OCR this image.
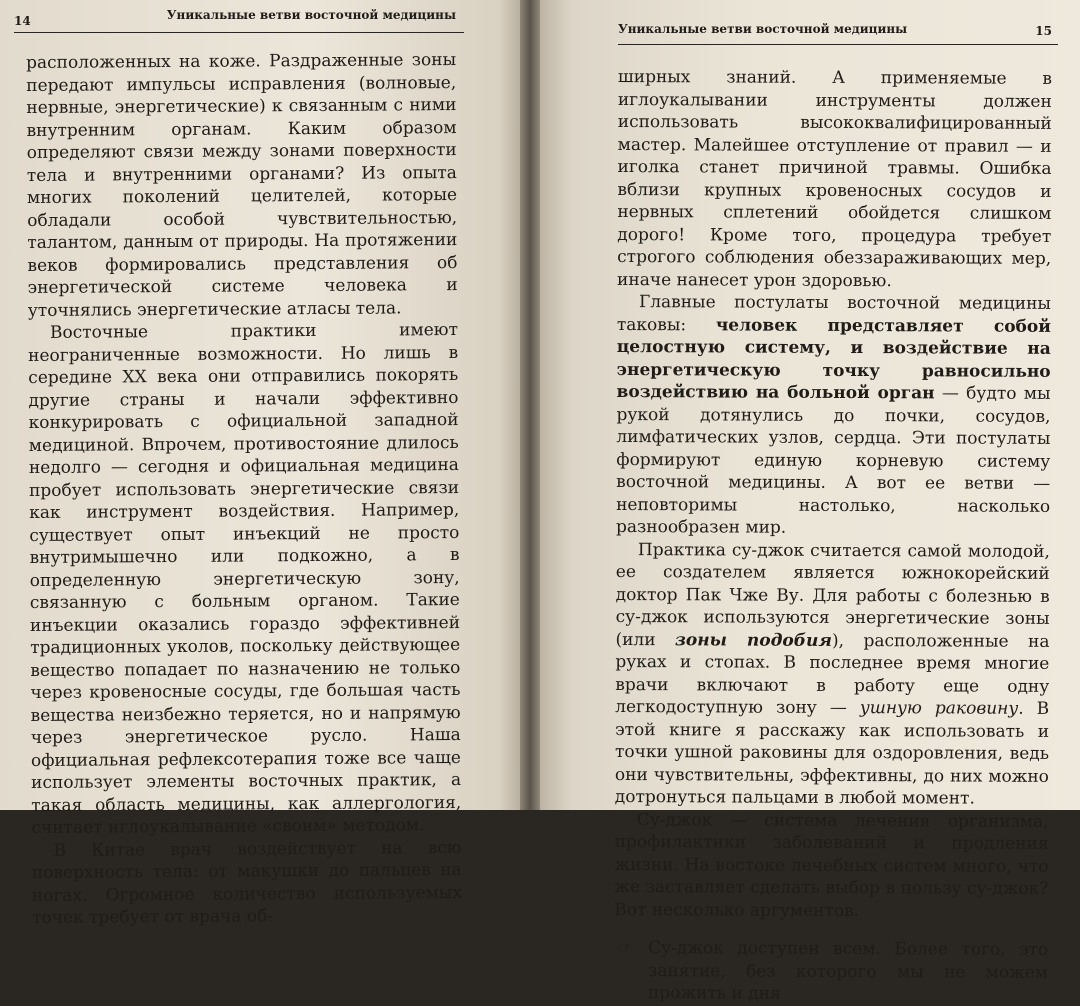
14	Уникальные ветви восточной медицины

расположенных на коже. Раздраженные зоны передают импульсы исправления (волновые, нервные, энергетические) к связанным с ними внутренним органам. Каким образом определяют связи между зонами поверхности тела и внутренними органами? Из опыта многих поколений целителей, которые обладали особой чувствительностью, талантом, данным от природы. На протяжении веков формировались представления об энергетической системе человека и уточнялись энергетические атласы тела.

Восточные практики имеют неограниченные возможности. Но лишь в середине XX века они отправились покорять другие страны и начали эффективно конкурировать с официальной западной медициной. Впрочем, противостояние длилось недолго — сегодня и официальная медицина пробует использовать энергетические связи как инструмент воздействия. Например, существует опыт инъекций не просто внутримышечно или подкожно, а в определенную энергетическую зону, связанную с больным органом. Такие инъекции оказались гораздо эффективней традиционных уколов, поскольку действующее вещество попадает по назначению не только через кровеносные сосуды, где большая часть вещества неизбежно теряется, но и напрямую через энергетическое русло. Наша официальная рефлексотерапия тоже все чаще использует элементы восточных практик, а такая область медицины, как аллергология, считает иглоукалывание «своим» методом.

В Китае врач воздействует на всю поверхность тела: от макушки до пальцев на ногах. Огромное количество используемых точек требует от врача об-

Уникальные ветви восточной медицины	15

ширных знаний. А применяемые в иглоукалывании инструменты должен использовать высококвалифицированный мастер. Малейшее отступление от правил — и иголка станет причиной травмы. Ошибка вблизи крупных кровеносных сосудов и нервных сплетений обойдется слишком дорого! Кроме того, процедура требует строгого соблюдения обеззараживающих мер, иначе нанесет урон здоровью.

Главные постулаты восточной медицины таковы: человек представляет собой целостную систему, и воздействие на энергетическую точку равносильно воздействию на больной орган — будто мы рукой дотянулись до почки, сосудов, лимфатических узлов, сердца. Эти постулаты формируют единую корневую систему восточной медицины. А вот ее ветви — неповторимы настолько, насколько разнообразен мир.

Практика су-джок считается самой молодой, ее создателем является южнокорейский доктор Пак Чже Ву. Для работы с болезнью в су-джок используются энергетические зоны (или зоны подобия), расположенные на руках и стопах. В последнее время многие врачи включают в работу еще одну легкодоступную зону — ушную раковину. В этой книге я расскажу как использовать и точки ушной раковины для оздоровления, ведь они чувствительны, эффективны, до них можно дотронуться пальцами в любой момент.

Су-джок — система лечения организма, профилактики заболеваний и продления жизни. На востоке лечебных систем много, что же заставляет сделать выбор в пользу су-джок? Вот несколько аргументов.

☞ Су-джок доступен всем. Более того, это занятие, без которого мы не можем прожить и дня
